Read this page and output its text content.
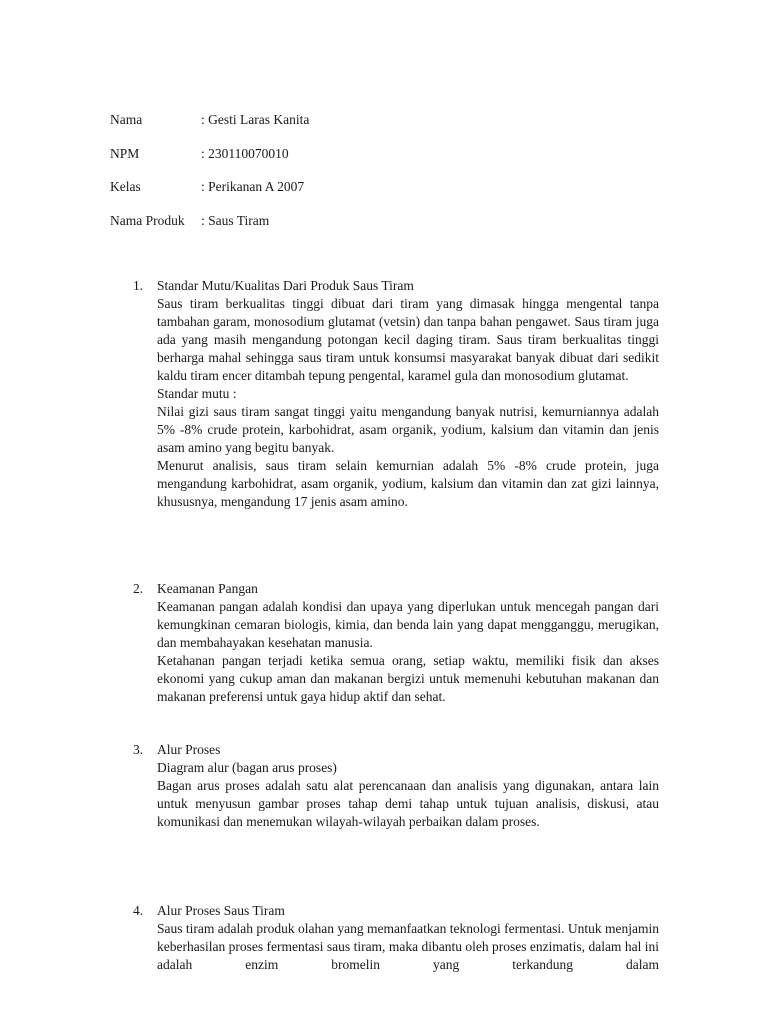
Nama	: Gesti Laras Kanita
NPM	: 230110070010
Kelas	: Perikanan A 2007
Nama Produk	: Saus Tiram
1.	Standar Mutu/Kualitas Dari Produk Saus Tiram

Saus tiram berkualitas tinggi dibuat dari tiram yang dimasak hingga mengental tanpa tambahan garam, monosodium glutamat (vetsin) dan tanpa bahan pengawet. Saus tiram juga ada yang masih mengandung potongan kecil daging tiram. Saus tiram berkualitas tinggi berharga mahal sehingga saus tiram untuk konsumsi masyarakat banyak dibuat dari sedikit kaldu tiram encer ditambah tepung pengental, karamel gula dan monosodium glutamat.

Standar mutu :

Nilai gizi saus tiram sangat tinggi yaitu mengandung banyak nutrisi, kemurniannya adalah 5% -8% crude protein, karbohidrat, asam organik, yodium, kalsium dan vitamin dan jenis asam amino yang begitu banyak.

Menurut analisis, saus tiram selain kemurnian adalah 5% -8% crude protein, juga mengandung karbohidrat, asam organik, yodium, kalsium dan vitamin dan zat gizi lainnya, khususnya, mengandung 17 jenis asam amino.

2.	Keamanan Pangan

Keamanan pangan adalah kondisi dan upaya yang diperlukan untuk mencegah pangan dari kemungkinan cemaran biologis, kimia, dan benda lain yang dapat mengganggu, merugikan, dan membahayakan kesehatan manusia.

Ketahanan pangan terjadi ketika semua orang, setiap waktu, memiliki fisik dan akses ekonomi yang cukup aman dan makanan bergizi untuk memenuhi kebutuhan makanan dan makanan preferensi untuk gaya hidup aktif dan sehat.

3.	Alur Proses

Diagram alur (bagan arus proses)

Bagan arus proses adalah satu alat perencanaan dan analisis yang digunakan, antara lain untuk menyusun gambar proses tahap demi tahap untuk tujuan analisis, diskusi, atau komunikasi dan menemukan wilayah-wilayah perbaikan dalam proses.

4.	Alur Proses Saus Tiram

Saus tiram adalah produk olahan yang memanfaatkan teknologi fermentasi. Untuk menjamin keberhasilan proses fermentasi saus tiram, maka dibantu oleh proses enzimatis, dalam hal ini adalah enzim bromelin yang terkandung dalam
